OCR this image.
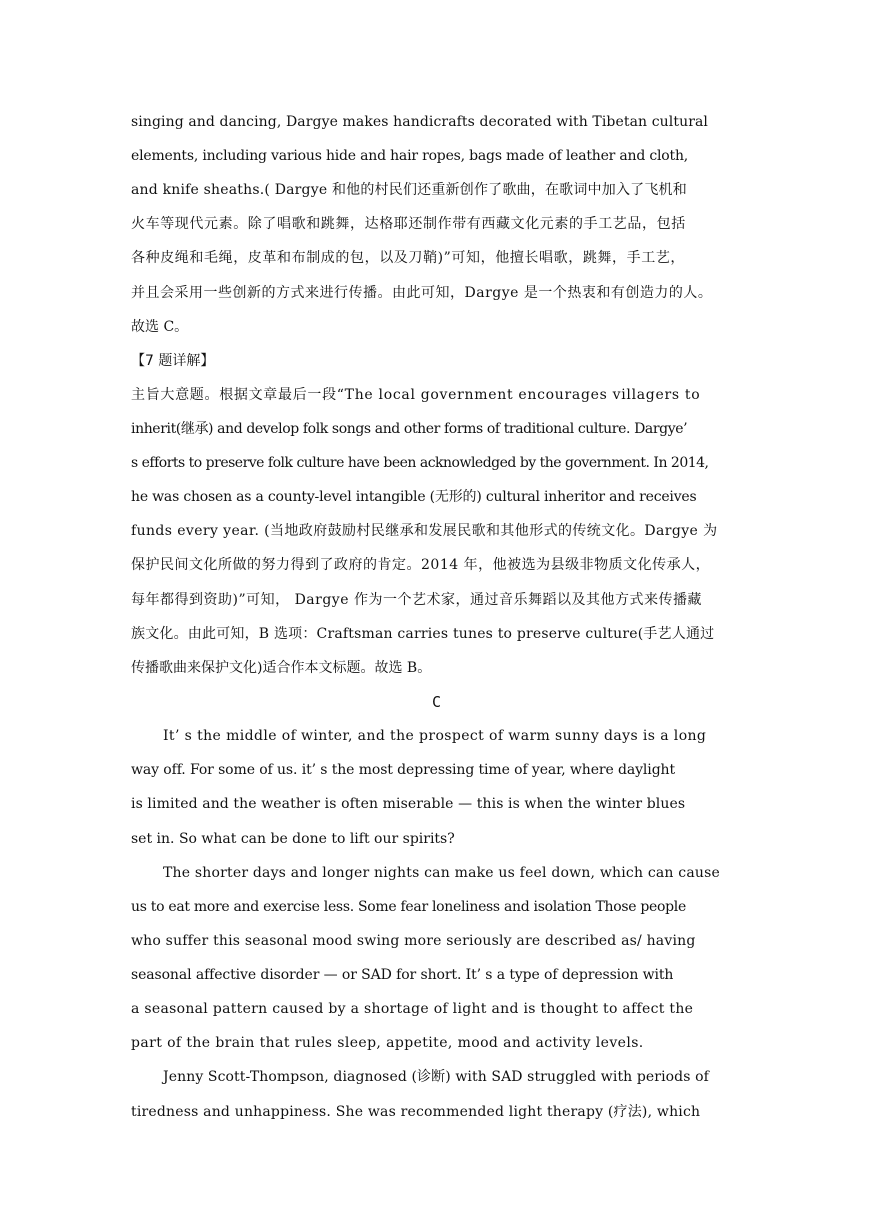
singing and dancing, Dargye makes handicrafts decorated with Tibetan cultural
elements, including various hide and hair ropes, bags made of leather and cloth,
and knife sheaths.( Dargye 和他的村民们还重新创作了歌曲，在歌词中加入了飞机和
火车等现代元素。除了唱歌和跳舞，达格耶还制作带有西藏文化元素的手工艺品，包括
各种皮绳和毛绳，皮革和布制成的包，以及刀鞘)”可知，他擅长唱歌，跳舞，手工艺，
并且会采用一些创新的方式来进行传播。由此可知，Dargye 是一个热衷和有创造力的人。
故选 C。
【7 题详解】
主旨大意题。根据文章最后一段“The local government encourages villagers to
inherit(继承) and develop folk songs and other forms of traditional culture. Dargye’
s efforts to preserve folk culture have been acknowledged by the government. In 2014,
he was chosen as a county-level intangible (无形的) cultural inheritor and receives
funds every year. (当地政府鼓励村民继承和发展民歌和其他形式的传统文化。Dargye 为
保护民间文化所做的努力得到了政府的肯定。2014 年，他被选为县级非物质文化传承人，
每年都得到资助)”可知， Dargye 作为一个艺术家，通过音乐舞蹈以及其他方式来传播藏
族文化。由此可知，B 选项：Craftsman carries tunes to preserve culture(手艺人通过
传播歌曲来保护文化)适合作本文标题。故选 B。
C
It’ s the middle of winter, and the prospect of warm sunny days is a long
way off. For some of us. it’ s the most depressing time of year, where daylight
is limited and the weather is often miserable — this is when the winter blues
set in. So what can be done to lift our spirits?
The shorter days and longer nights can make us feel down, which can cause
us to eat more and exercise less. Some fear loneliness and isolation Those people
who suffer this seasonal mood swing more seriously are described as/ having
seasonal affective disorder — or SAD for short. It’ s a type of depression with
a seasonal pattern caused by a shortage of light and is thought to affect the
part of the brain that rules sleep, appetite, mood and activity levels.
Jenny Scott-Thompson, diagnosed (诊断) with SAD struggled with periods of
tiredness and unhappiness. She was recommended light therapy (疗法), which
